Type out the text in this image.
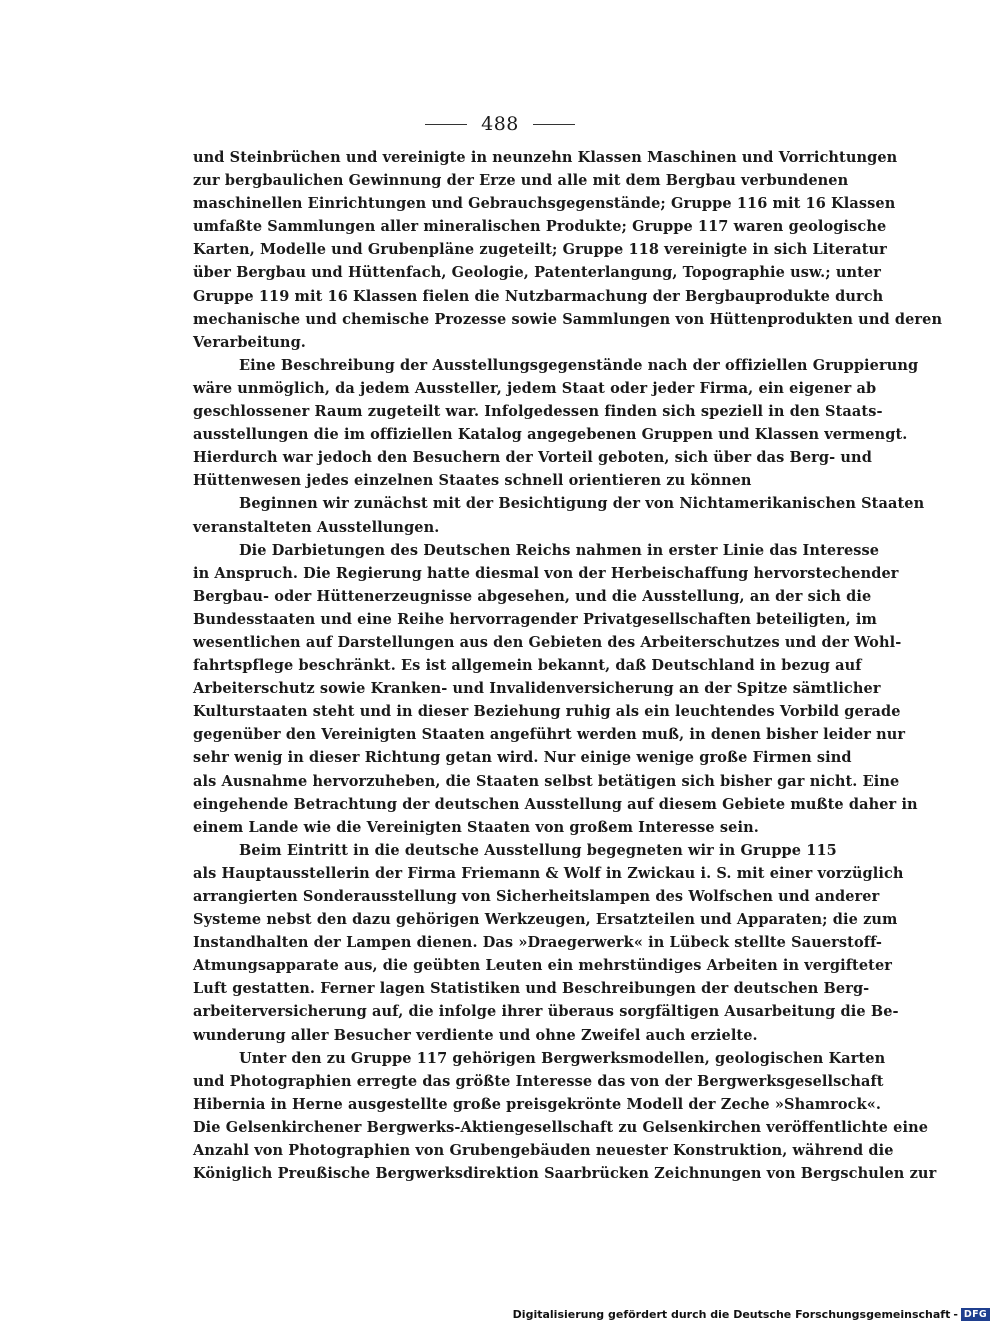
488
und Steinbrüchen und vereinigte in neunzehn Klassen Maschinen und Vorrichtungen
zur bergbaulichen Gewinnung der Erze und alle mit dem Bergbau verbundenen
maschinellen Einrichtungen und Gebrauchsgegenstände; Gruppe 116 mit 16 Klassen
umfaßte Sammlungen aller mineralischen Produkte; Gruppe 117 waren geologische
Karten, Modelle und Grubenpläne zugeteilt; Gruppe 118 vereinigte in sich Literatur
über Bergbau und Hüttenfach, Geologie, Patenterlangung, Topographie usw.; unter
Gruppe 119 mit 16 Klassen fielen die Nutzbarmachung der Bergbauprodukte durch
mechanische und chemische Prozesse sowie Sammlungen von Hüttenprodukten und deren
Verarbeitung.
Eine Beschreibung der Ausstellungsgegenstände nach der offiziellen Gruppierung
wäre unmöglich, da jedem Aussteller, jedem Staat oder jeder Firma, ein eigener ab
geschlossener Raum zugeteilt war. Infolgedessen finden sich speziell in den Staats-
ausstellungen die im offiziellen Katalog angegebenen Gruppen und Klassen vermengt.
Hierdurch war jedoch den Besuchern der Vorteil geboten, sich über das Berg- und
Hüttenwesen jedes einzelnen Staates schnell orientieren zu können
Beginnen wir zunächst mit der Besichtigung der von Nichtamerikanischen Staaten
veranstalteten Ausstellungen.
Die Darbietungen des Deutschen Reichs nahmen in erster Linie das Interesse
in Anspruch. Die Regierung hatte diesmal von der Herbeischaffung hervorstechender
Bergbau- oder Hüttenerzeugnisse abgesehen, und die Ausstellung, an der sich die
Bundesstaaten und eine Reihe hervorragender Privatgesellschaften beteiligten, im
wesentlichen auf Darstellungen aus den Gebieten des Arbeiterschutzes und der Wohl-
fahrtspflege beschränkt. Es ist allgemein bekannt, daß Deutschland in bezug auf
Arbeiterschutz sowie Kranken- und Invalidenversicherung an der Spitze sämtlicher
Kulturstaaten steht und in dieser Beziehung ruhig als ein leuchtendes Vorbild gerade
gegenüber den Vereinigten Staaten angeführt werden muß, in denen bisher leider nur
sehr wenig in dieser Richtung getan wird. Nur einige wenige große Firmen sind
als Ausnahme hervorzuheben, die Staaten selbst betätigen sich bisher gar nicht. Eine
eingehende Betrachtung der deutschen Ausstellung auf diesem Gebiete mußte daher in
einem Lande wie die Vereinigten Staaten von großem Interesse sein.
Beim Eintritt in die deutsche Ausstellung begegneten wir in Gruppe 115
als Hauptausstellerin der Firma Friemann & Wolf in Zwickau i. S. mit einer vorzüglich
arrangierten Sonderausstellung von Sicherheitslampen des Wolfschen und anderer
Systeme nebst den dazu gehörigen Werkzeugen, Ersatzteilen und Apparaten; die zum
Instandhalten der Lampen dienen. Das »Draegerwerk« in Lübeck stellte Sauerstoff-
Atmungsapparate aus, die geübten Leuten ein mehrstündiges Arbeiten in vergifteter
Luft gestatten. Ferner lagen Statistiken und Beschreibungen der deutschen Berg-
arbeiterversicherung auf, die infolge ihrer überaus sorgfältigen Ausarbeitung die Be-
wunderung aller Besucher verdiente und ohne Zweifel auch erzielte.
Unter den zu Gruppe 117 gehörigen Bergwerksmodellen, geologischen Karten
und Photographien erregte das größte Interesse das von der Bergwerksgesellschaft
Hibernia in Herne ausgestellte große preisgekrönte Modell der Zeche »Shamrock«.
Die Gelsenkirchener Bergwerks-Aktiengesellschaft zu Gelsenkirchen veröffentlichte eine
Anzahl von Photographien von Grubengebäuden neuester Konstruktion, während die
Königlich Preußische Bergwerksdirektion Saarbrücken Zeichnungen von Bergschulen zur
Digitalisierung gefördert durch die Deutsche Forschungsgemeinschaft - DFG
